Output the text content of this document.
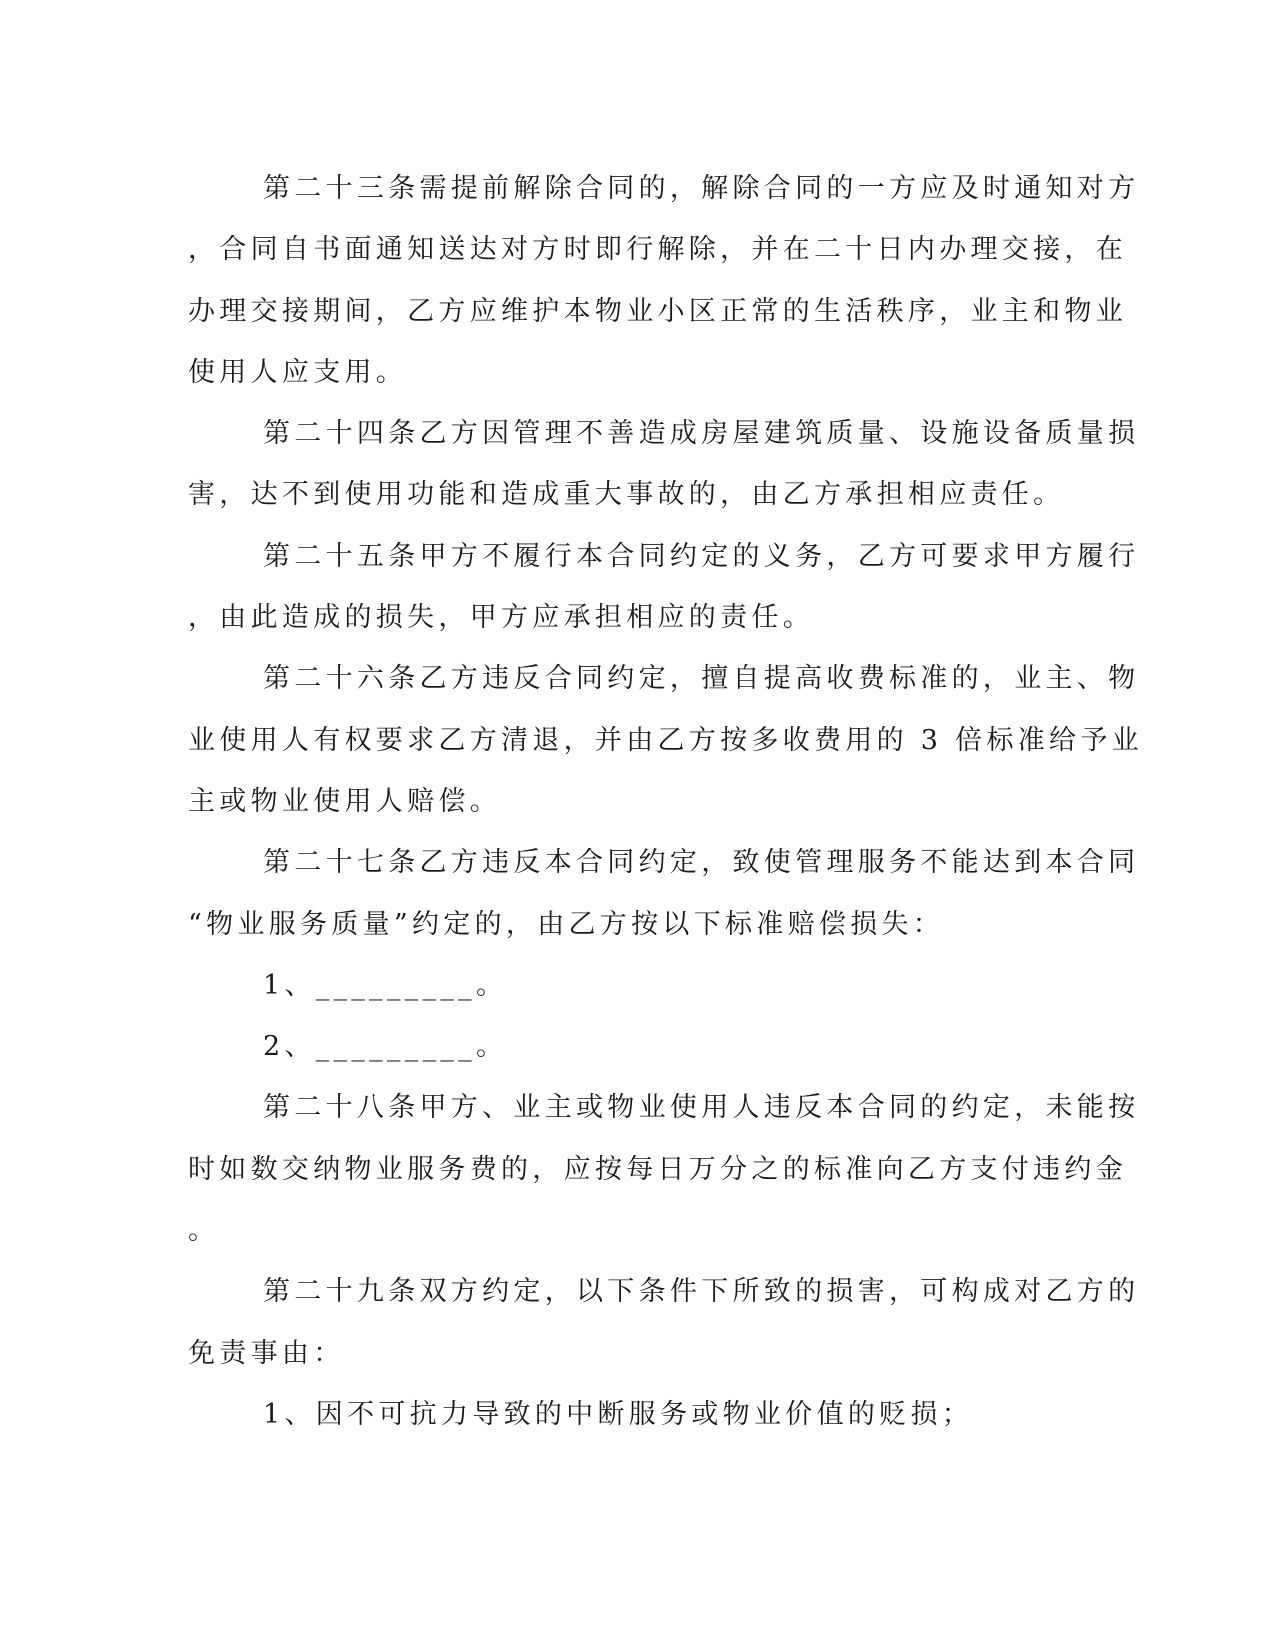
第二十三条需提前解除合同的，解除合同的一方应及时通知对方
，合同自书面通知送达对方时即行解除，并在二十日内办理交接，在
办理交接期间，乙方应维护本物业小区正常的生活秩序，业主和物业
使用人应支用。
第二十四条乙方因管理不善造成房屋建筑质量、设施设备质量损
害，达不到使用功能和造成重大事故的，由乙方承担相应责任。
第二十五条甲方不履行本合同约定的义务，乙方可要求甲方履行
，由此造成的损失，甲方应承担相应的责任。
第二十六条乙方违反合同约定，擅自提高收费标准的，业主、物
业使用人有权要求乙方清退，并由乙方按多收费用的 3 倍标准给予业
主或物业使用人赔偿。
第二十七条乙方违反本合同约定，致使管理服务不能达到本合同
“物业服务质量”约定的，由乙方按以下标准赔偿损失：
1、_________。
2、_________。
第二十八条甲方、业主或物业使用人违反本合同的约定，未能按
时如数交纳物业服务费的，应按每日万分之的标准向乙方支付违约金
。
第二十九条双方约定，以下条件下所致的损害，可构成对乙方的
免责事由：
1、因不可抗力导致的中断服务或物业价值的贬损；
